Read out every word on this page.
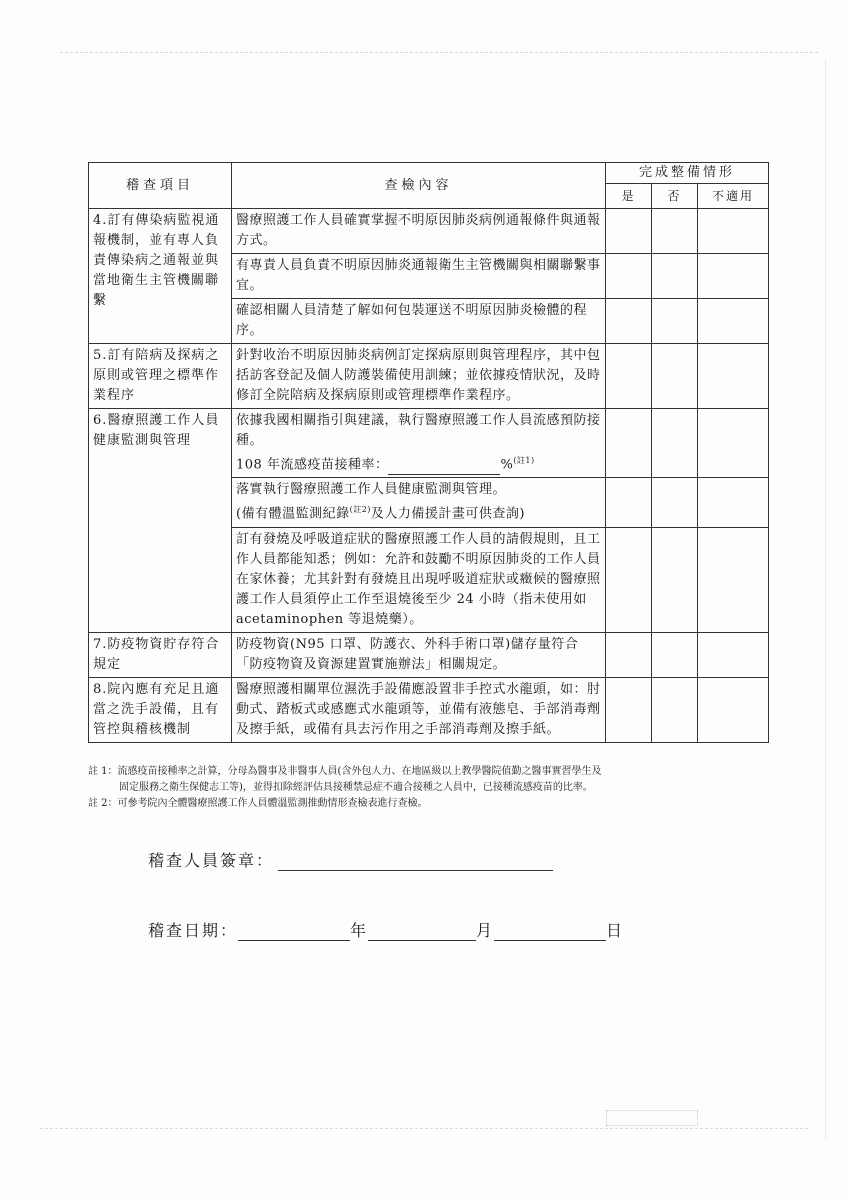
稽查項目	查檢內容	完成整備情形		
		是	否	不適用
4.訂有傳染病監視通報機制，並有專人負責傳染病之通報並與當地衛生主管機關聯繫	醫療照護工作人員確實掌握不明原因肺炎病例通報條件與通報方式。			
	有專責人員負責不明原因肺炎通報衛生主管機關與相關聯繫事宜。			
	確認相關人員清楚了解如何包裝運送不明原因肺炎檢體的程序。			
5.訂有陪病及探病之原則或管理之標準作業程序	針對收治不明原因肺炎病例訂定探病原則與管理程序，其中包括訪客登記及個人防護裝備使用訓練；並依據疫情狀況，及時修訂全院陪病及探病原則或管理標準作業程序。			
6.醫療照護工作人員健康監測與管理	依據我國相關指引與建議，執行醫療照護工作人員流感預防接種。
108 年流感疫苗接種率： %$^{(註1)}$			
	落實執行醫療照護工作人員健康監測與管理。
(備有體溫監測紀錄$^{(註2)}$及人力備援計畫可供查詢)			
	訂有發燒及呼吸道症狀的醫療照護工作人員的請假規則，且工作人員都能知悉；例如：允許和鼓勵不明原因肺炎的工作人員在家休養；尤其針對有發燒且出現呼吸道症狀或癥候的醫療照護工作人員須停止工作至退燒後至少 24 小時（指未使用如 acetaminophen 等退燒藥）。			
7.防疫物資貯存符合規定	防疫物資(N95 口罩、防護衣、外科手術口罩)儲存量符合「防疫物資及資源建置實施辦法」相關規定。			
8.院內應有充足且適當之洗手設備，且有管控與稽核機制	醫療照護相關單位濕洗手設備應設置非手控式水龍頭，如：肘動式、踏板式或感應式水龍頭等，並備有液態皂、手部消毒劑及擦手紙，或備有具去污作用之手部消毒劑及擦手紙。			
註 1：流感疫苗接種率之計算，分母為醫事及非醫事人員(含外包人力、在地區級以上教學醫院值勤之醫事實習學生及
固定服務之衛生保健志工等)，並得扣除經評估具接種禁忌症不適合接種之人員中，已接種流感疫苗的比率。
註 2：可參考院內全體醫療照護工作人員體溫監測推動情形查檢表進行查檢。
稽查人員簽章：
稽查日期：	年	月	日
